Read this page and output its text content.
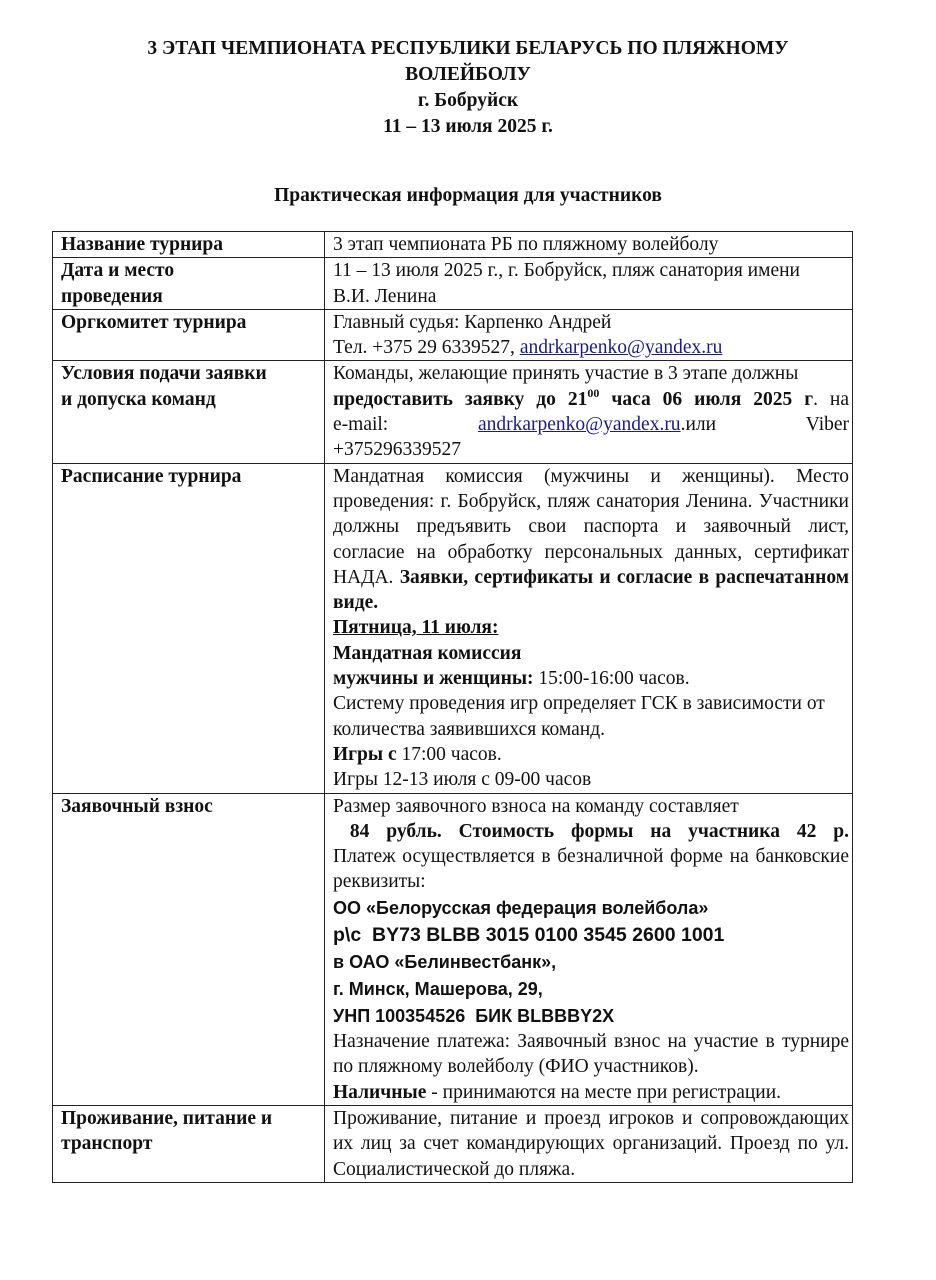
3 ЭТАП ЧЕМПИОНАТА РЕСПУБЛИКИ БЕЛАРУСЬ ПО ПЛЯЖНОМУ
ВОЛЕЙБОЛУ
г. Бобруйск
11 – 13 июля 2025 г.
Практическая информация для участников
Название турнира	3 этап чемпионата РБ по пляжному волейболу

Дата и место
проведения	11 – 13 июля 2025 г., г. Бобруйск, пляж санатория имени
В.И. Ленина

Оргкомитет турнира	Главный судья: Карпенко Андрей
Тел. +375 29 6339527, andrkarpenko@yandex.ru

Условия подачи заявки
и допуска команд	Команды, желающие принять участие в 3 этапе должны
предоставить заявку до $21^{00}$ часа 06 июля 2025 г. на
e-mail: andrkarpenko@yandex.ru.или Viber
+375296339527

Расписание турнира	Мандатная комиссия (мужчины и женщины). Место проведения: г. Бобруйск, пляж санатория Ленина. Участники должны предъявить свои паспорта и заявочный лист, согласие на обработку персональных данных, сертификат НАДА. Заявки, сертификаты и согласие в распечатанном виде.
Пятница, 11 июля:
Мандатная комиссия
мужчины и женщины: 15:00-16:00 часов.
Систему проведения игр определяет ГСК в зависимости от количества заявившихся команд.
Игры с 17:00 часов.
Игры 12-13 июля с 09-00 часов

Заявочный взнос	Размер заявочного взноса на команду составляет
84 рубль. Стоимость формы на участника 42 р.
Платеж осуществляется в безналичной форме на банковские реквизиты:
ОО «Белорусская федерация волейбола»
р\с  BY73 BLBB 3015 0100 3545 2600 1001
в ОАО «Белинвестбанк»,
г. Минск, Машерова, 29,
УНП 100354526  БИК BLBBBY2X
Назначение платежа: Заявочный взнос на участие в турнире по пляжному волейболу (ФИО участников).
Наличные - принимаются на месте при регистрации.

Проживание, питание и
транспорт	Проживание, питание и проезд игроков и сопровождающих их лиц за счет командирующих организаций. Проезд по ул. Социалистической до пляжа.
